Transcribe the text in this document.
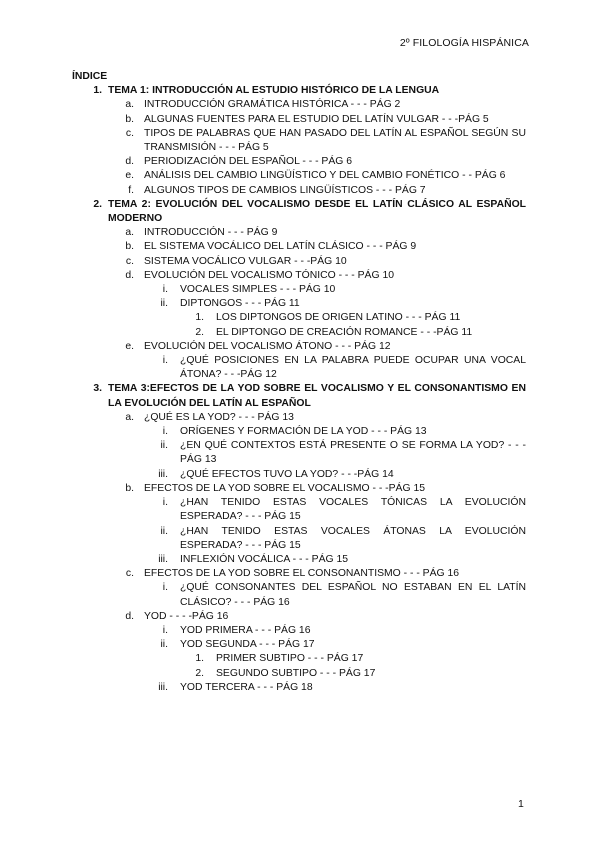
2º FILOLOGÍA HISPÁNICA
ÍNDICE
1. TEMA 1: INTRODUCCIÓN AL ESTUDIO HISTÓRICO DE LA LENGUA
a. INTRODUCCIÓN GRAMÁTICA HISTÓRICA - - - PÁG 2
b. ALGUNAS FUENTES PARA EL ESTUDIO DEL LATÍN VULGAR - - -PÁG 5
c. TIPOS DE PALABRAS QUE HAN PASADO DEL LATÍN AL ESPAÑOL SEGÚN SU TRANSMISIÓN - - - PÁG 5
d. PERIODIZACIÓN DEL ESPAÑOL - - - PÁG 6
e. ANÁLISIS DEL CAMBIO LINGÜÍSTICO Y DEL CAMBIO FONÉTICO - - PÁG 6
f. ALGUNOS TIPOS DE CAMBIOS LINGÜÍSTICOS - - - PÁG 7
2. TEMA 2: EVOLUCIÓN DEL VOCALISMO DESDE EL LATÍN CLÁSICO AL ESPAÑOL MODERNO
a. INTRODUCCIÓN - - - PÁG 9
b. EL SISTEMA VOCÁLICO DEL LATÍN CLÁSICO - - - PÁG 9
c. SISTEMA VOCÁLICO VULGAR - - -PÁG 10
d. EVOLUCIÓN DEL VOCALISMO TÓNICO - - - PÁG 10
i. VOCALES SIMPLES - - - PÁG 10
ii. DIPTONGOS - - - PÁG 11
1. LOS DIPTONGOS DE ORIGEN LATINO - - - PÁG 11
2. EL DIPTONGO DE CREACIÓN ROMANCE - - -PÁG 11
e. EVOLUCIÓN DEL VOCALISMO ÁTONO - - - PÁG 12
i. ¿QUÉ POSICIONES EN LA PALABRA PUEDE OCUPAR UNA VOCAL ÁTONA? - - -PÁG 12
3. TEMA 3:EFECTOS DE LA YOD SOBRE EL VOCALISMO Y EL CONSONANTISMO EN LA EVOLUCIÓN DEL LATÍN AL ESPAÑOL
a. ¿QUÉ ES LA YOD? - - - PÁG 13
i. ORÍGENES Y FORMACIÓN DE LA YOD - - - PÁG 13
ii. ¿EN QUÉ CONTEXTOS ESTÁ PRESENTE O SE FORMA LA YOD? - - - PÁG 13
iii. ¿QUÉ EFECTOS TUVO LA YOD? - - -PÁG 14
b. EFECTOS DE LA YOD SOBRE EL VOCALISMO - - -PÁG 15
i. ¿HAN TENIDO ESTAS VOCALES TÓNICAS LA EVOLUCIÓN ESPERADA? - - - PÁG 15
ii. ¿HAN TENIDO ESTAS VOCALES ÁTONAS LA EVOLUCIÓN ESPERADA? - - - PÁG 15
iii. INFLEXIÓN VOCÁLICA - - - PÁG 15
c. EFECTOS DE LA YOD SOBRE EL CONSONANTISMO - - - PÁG 16
i. ¿QUÉ CONSONANTES DEL ESPAÑOL NO ESTABAN EN EL LATÍN CLÁSICO? - - - PÁG 16
d. YOD - - - -PÁG 16
i. YOD PRIMERA - - - PÁG 16
ii. YOD SEGUNDA - - - PÁG 17
1. PRIMER SUBTIPO - - - PÁG 17
2. SEGUNDO SUBTIPO - - - PÁG 17
iii. YOD TERCERA - - - PÁG 18
1
